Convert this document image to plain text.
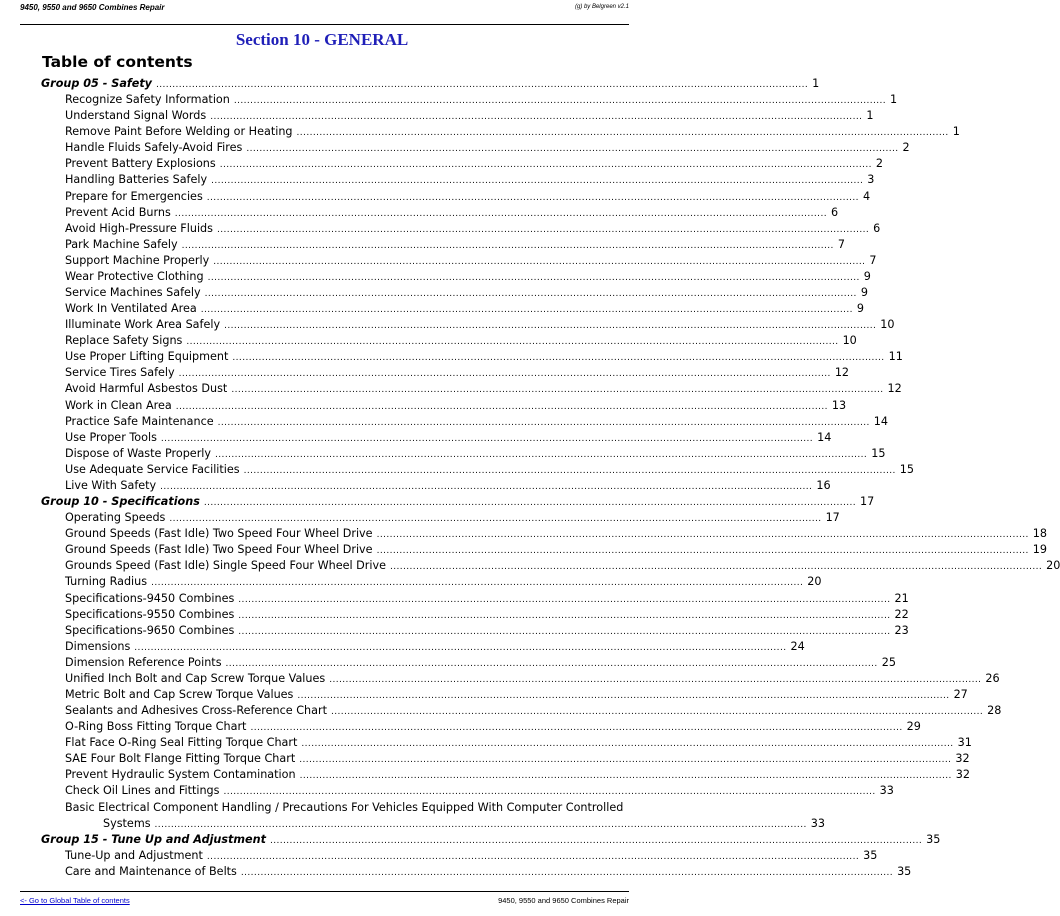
9450, 9550 and 9650 Combines Repair	(g) by Belgreen v2.1
Section 10 - GENERAL
Table of contents
Group 05 - Safety ........................................................................................................................................................................................................ 1
Recognize Safety Information ........................................................................................................................................................................................................ 1
Understand Signal Words ........................................................................................................................................................................................................ 1
Remove Paint Before Welding or Heating ........................................................................................................................................................................................................ 1
Handle Fluids Safely-Avoid Fires ........................................................................................................................................................................................................ 2
Prevent Battery Explosions ........................................................................................................................................................................................................ 2
Handling Batteries Safely ........................................................................................................................................................................................................ 3
Prepare for Emergencies ........................................................................................................................................................................................................ 4
Prevent Acid Burns ........................................................................................................................................................................................................ 6
Avoid High-Pressure Fluids ........................................................................................................................................................................................................ 6
Park Machine Safely ........................................................................................................................................................................................................ 7
Support Machine Properly ........................................................................................................................................................................................................ 7
Wear Protective Clothing ........................................................................................................................................................................................................ 9
Service Machines Safely ........................................................................................................................................................................................................ 9
Work In Ventilated Area ........................................................................................................................................................................................................ 9
Illuminate Work Area Safely ........................................................................................................................................................................................................ 10
Replace Safety Signs ........................................................................................................................................................................................................ 10
Use Proper Lifting Equipment ........................................................................................................................................................................................................ 11
Service Tires Safely ........................................................................................................................................................................................................ 12
Avoid Harmful Asbestos Dust ........................................................................................................................................................................................................ 12
Work in Clean Area ........................................................................................................................................................................................................ 13
Practice Safe Maintenance ........................................................................................................................................................................................................ 14
Use Proper Tools ........................................................................................................................................................................................................ 14
Dispose of Waste Properly ........................................................................................................................................................................................................ 15
Use Adequate Service Facilities ........................................................................................................................................................................................................ 15
Live With Safety ........................................................................................................................................................................................................ 16
Group 10 - Specifications ........................................................................................................................................................................................................ 17
Operating Speeds ........................................................................................................................................................................................................ 17
Ground Speeds (Fast Idle) Two Speed Four Wheel Drive ........................................................................................................................................................................................................ 18
Ground Speeds (Fast Idle) Two Speed Four Wheel Drive ........................................................................................................................................................................................................ 19
Grounds Speed (Fast Idle) Single Speed Four Wheel Drive ........................................................................................................................................................................................................ 20
Turning Radius ........................................................................................................................................................................................................ 20
Specifications-9450 Combines ........................................................................................................................................................................................................ 21
Specifications-9550 Combines ........................................................................................................................................................................................................ 22
Specifications-9650 Combines ........................................................................................................................................................................................................ 23
Dimensions ........................................................................................................................................................................................................ 24
Dimension Reference Points ........................................................................................................................................................................................................ 25
Unified Inch Bolt and Cap Screw Torque Values ........................................................................................................................................................................................................ 26
Metric Bolt and Cap Screw Torque Values ........................................................................................................................................................................................................ 27
Sealants and Adhesives Cross-Reference Chart ........................................................................................................................................................................................................ 28
O-Ring Boss Fitting Torque Chart ........................................................................................................................................................................................................ 29
Flat Face O-Ring Seal Fitting Torque Chart ........................................................................................................................................................................................................ 31
SAE Four Bolt Flange Fitting Torque Chart ........................................................................................................................................................................................................ 32
Prevent Hydraulic System Contamination ........................................................................................................................................................................................................ 32
Check Oil Lines and Fittings ........................................................................................................................................................................................................ 33
Basic Electrical Component Handling / Precautions For Vehicles Equipped With Computer Controlled
Systems ........................................................................................................................................................................................................ 33
Group 15 - Tune Up and Adjustment ........................................................................................................................................................................................................ 35
Tune-Up and Adjustment ........................................................................................................................................................................................................ 35
Care and Maintenance of Belts ........................................................................................................................................................................................................ 35
<- Go to Global Table of contents	9450, 9550 and 9650 Combines Repair
